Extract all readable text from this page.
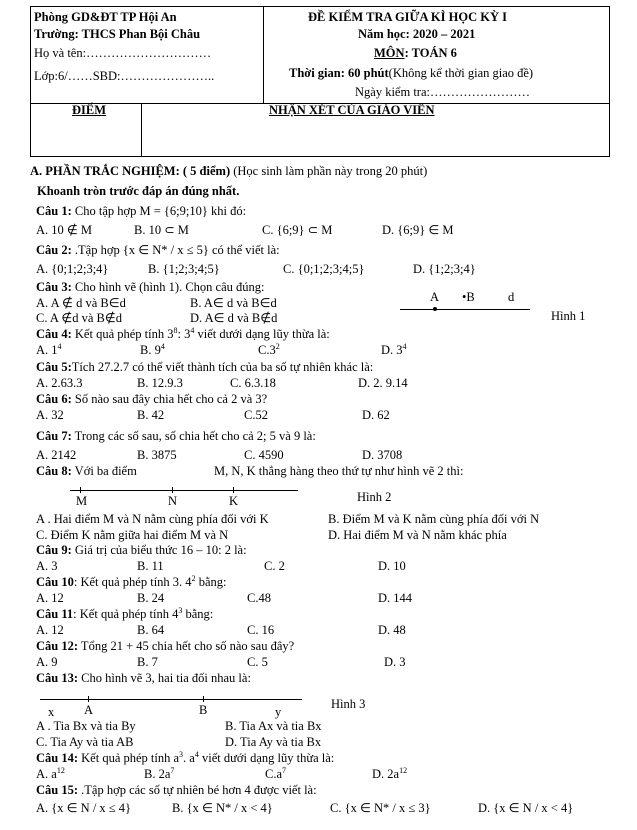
Phòng GD&ĐT TP Hội An
Trường: THCS Phan Bội Châu
Họ và tên:…………………………
Lớp:6/……SBD:…………………..
ĐỀ KIỂM TRA GIỮA KÌ HỌC KỲ I
Năm học: 2020 – 2021
MÔN: TOÁN 6
Thời gian: 60 phút(Không kể thời gian giao đề)
Ngày kiểm tra:……………………
ĐIỂM	NHẬN XÉT CỦA GIÁO VIÊN
A. PHẦN TRẮC NGHIỆM: ( 5 điểm) (Học sinh làm phần này trong 20 phút)
Khoanh tròn trước đáp án đúng nhất.
Câu 1: Cho tập hợp M = {6;9;10} khi đó:
A. 10 ∉ M	B. 10 ⊂ M	C. {6;9} ⊂ M	D. {6;9} ∈ M
Câu 2: .Tập hợp {x ∈ N* / x ≤ 5} có thể viết là:
A. {0;1;2;3;4}	B. {1;2;3;4;5}	C. {0;1;2;3;4;5}	D. {1;2;3;4}
Câu 3: Cho hình vẽ (hình 1). Chọn câu đúng:
A. A ∉ d và B∈d	B. A∈ d và B∈d
C. A ∉d và B∉d	D. A∈ d và B∉d
A •B	d
Hình 1
Câu 4: Kết quả phép tính $3^8$: $3^4$ viết dưới dạng lũy thừa là:
A. $1^4$	B. $9^4$	$C.3^2$	D. $3^4$
Câu 5:Tích 27.2.7 có thể viết thành tích của ba số tự nhiên khác là:
A. 2.63.3	B. 12.9.3	C. 6.3.18	D. 2. 9.14
Câu 6: Số nào sau đây chia hết cho cả 2 và 3?
A. 32	B. 42	C.52	D. 62
Câu 7: Trong các số sau, số chia hết cho cả 2; 5 và 9 là:
A. 2142	B. 3875	C. 4590	D. 3708
Câu 8: Với ba điểm	M, N, K thẳng hàng theo thứ tự như hình vẽ 2 thì:
M	N	K	Hình 2
A . Hai điểm M và N nằm cùng phía đối với K	B. Điểm M và K nằm cùng phía đối với N
C. Điểm K nằm giữa hai điểm M và N	D. Hai điểm M và N nằm khác phía
Câu 9: Giá trị của biểu thức 16 – 10: 2 là:
A. 3	B. 11	C. 2	D. 10
Câu 10: Kết quả phép tính 3. $4^2$ bằng:
A. 12	B. 24	C.48	D. 144
Câu 11: Kết quả phép tính $4^3$ bằng:
A. 12	B. 64	C. 16	D. 48
Câu 12: Tổng 21 + 45 chia hết cho số nào sau đây?
A. 9	B. 7	C. 5	D. 3
Câu 13: Cho hình vẽ 3, hai tia đối nhau là:
x A	B	y
Hình 3
A . Tia Bx và tia By	B. Tia Ax và tia Bx
C. Tia Ay và tia AB	D. Tia Ay và tia Bx
Câu 14: Kết quả phép tính $a^3$. $a^4$ viết dưới dạng lũy thừa là:
A. $a^{12}$	B. $2a^7$	$C.a^7$	D. $2a^{12}$
Câu 15: .Tập hợp các số tự nhiên bé hơn 4 được viết là:
A. {x ∈ N / x ≤ 4}	B. {x ∈ N* / x < 4}	C. {x ∈ N* / x ≤ 3}	D. {x ∈ N / x < 4}
